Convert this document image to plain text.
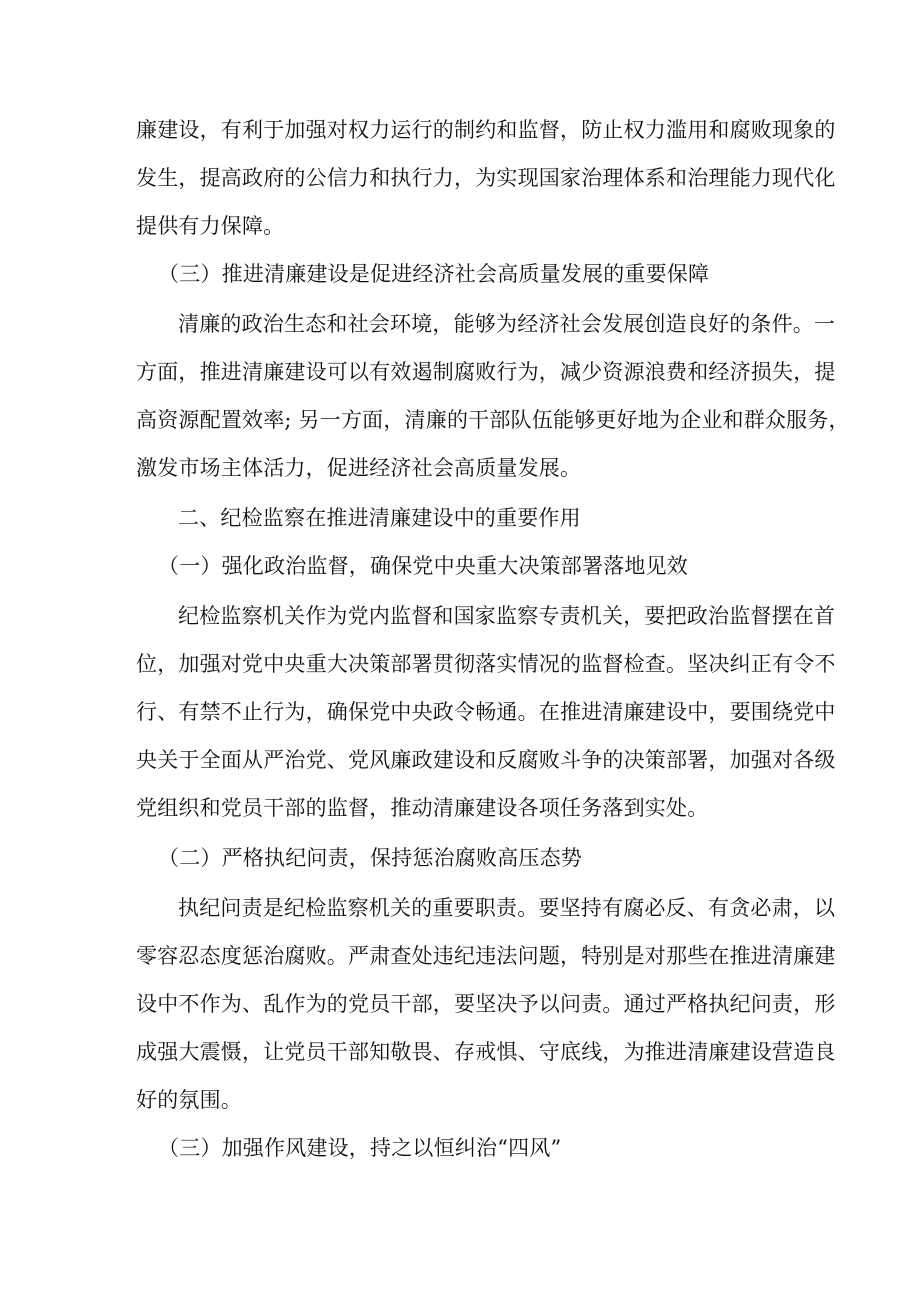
廉建设，有利于加强对权力运行的制约和监督，防止权力滥用和腐败现象的
发生，提高政府的公信力和执行力，为实现国家治理体系和治理能力现代化
提供有力保障。
（三）推进清廉建设是促进经济社会高质量发展的重要保障
清廉的政治生态和社会环境，能够为经济社会发展创造良好的条件。一
方面，推进清廉建设可以有效遏制腐败行为，减少资源浪费和经济损失，提
高资源配置效率; 另一方面，清廉的干部队伍能够更好地为企业和群众服务，
激发市场主体活力，促进经济社会高质量发展。
二、纪检监察在推进清廉建设中的重要作用
（一）强化政治监督，确保党中央重大决策部署落地见效
纪检监察机关作为党内监督和国家监察专责机关，要把政治监督摆在首
位，加强对党中央重大决策部署贯彻落实情况的监督检查。坚决纠正有令不
行、有禁不止行为，确保党中央政令畅通。在推进清廉建设中，要围绕党中
央关于全面从严治党、党风廉政建设和反腐败斗争的决策部署，加强对各级
党组织和党员干部的监督，推动清廉建设各项任务落到实处。
（二）严格执纪问责，保持惩治腐败高压态势
执纪问责是纪检监察机关的重要职责。要坚持有腐必反、有贪必肃，以
零容忍态度惩治腐败。严肃查处违纪违法问题，特别是对那些在推进清廉建
设中不作为、乱作为的党员干部，要坚决予以问责。通过严格执纪问责，形
成强大震慑，让党员干部知敬畏、存戒惧、守底线，为推进清廉建设营造良
好的氛围。
（三）加强作风建设，持之以恒纠治“四风”
